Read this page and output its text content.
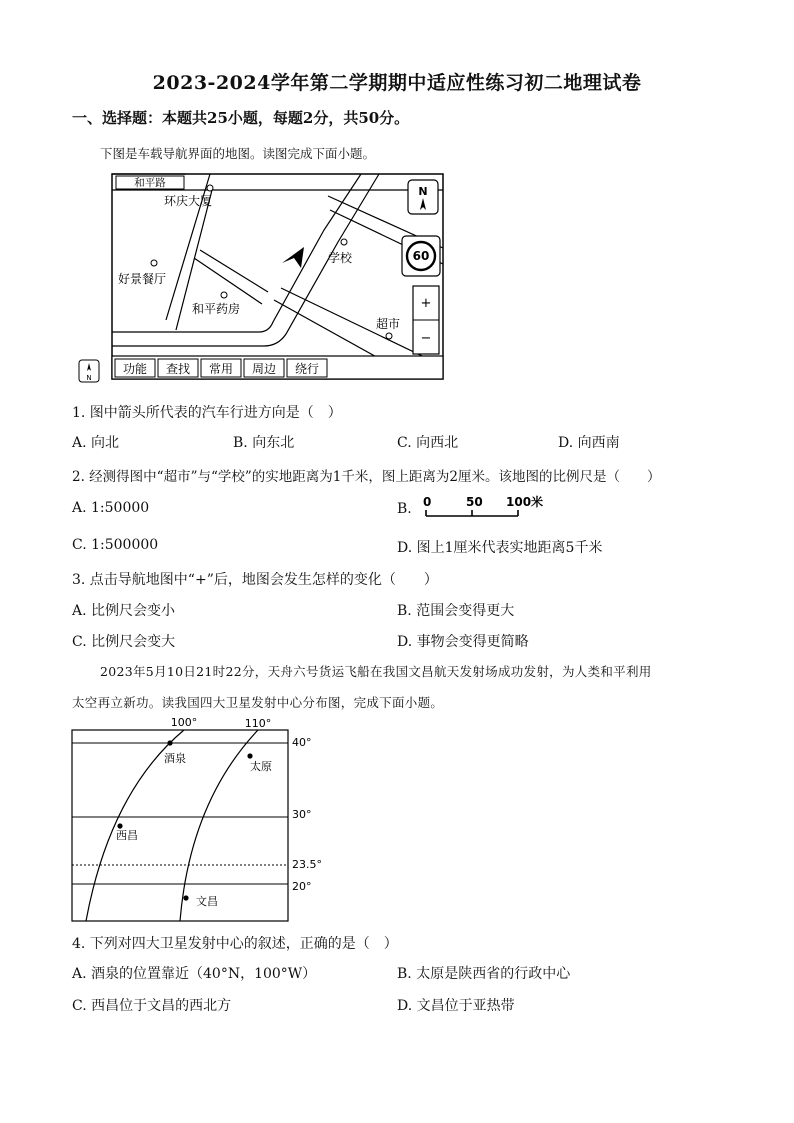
2023-2024学年第二学期期中适应性练习初二地理试卷
一、选择题：本题共25小题，每题2分，共50分。
下图是车载导航界面的地图。读图完成下面小题。
和平路
环庆大厦
好景餐厅
和平药房
学校
超市
N
60
+
−
功能 查找 常用 周边 绕行
N
1. 图中箭头所代表的汽车行进方向是（　）
A. 向北	B. 向东北	C. 向西北	D. 向西南
2. 经测得图中“超市”与“学校”的实地距离为1千米，图上距离为2厘米。该地图的比例尺是（　　）
A. 1:50000	B. 0	50 100米
C. 1:500000	D. 图上1厘米代表实地距离5千米
3. 点击导航地图中“+”后，地图会发生怎样的变化（　　）
A. 比例尺会变小	B. 范围会变得更大
C. 比例尺会变大	D. 事物会变得更简略
2023年5月10日21时22分，天舟六号货运飞船在我国文昌航天发射场成功发射，为人类和平利用
太空再立新功。读我国四大卫星发射中心分布图，完成下面小题。
100°	110°
40°
30°
23.5°
20°
酒泉
太原
西昌
文昌
4. 下列对四大卫星发射中心的叙述，正确的是（　）
A. 酒泉的位置靠近（40°N，100°W）	B. 太原是陕西省的行政中心
C. 西昌位于文昌的西北方	D. 文昌位于亚热带
